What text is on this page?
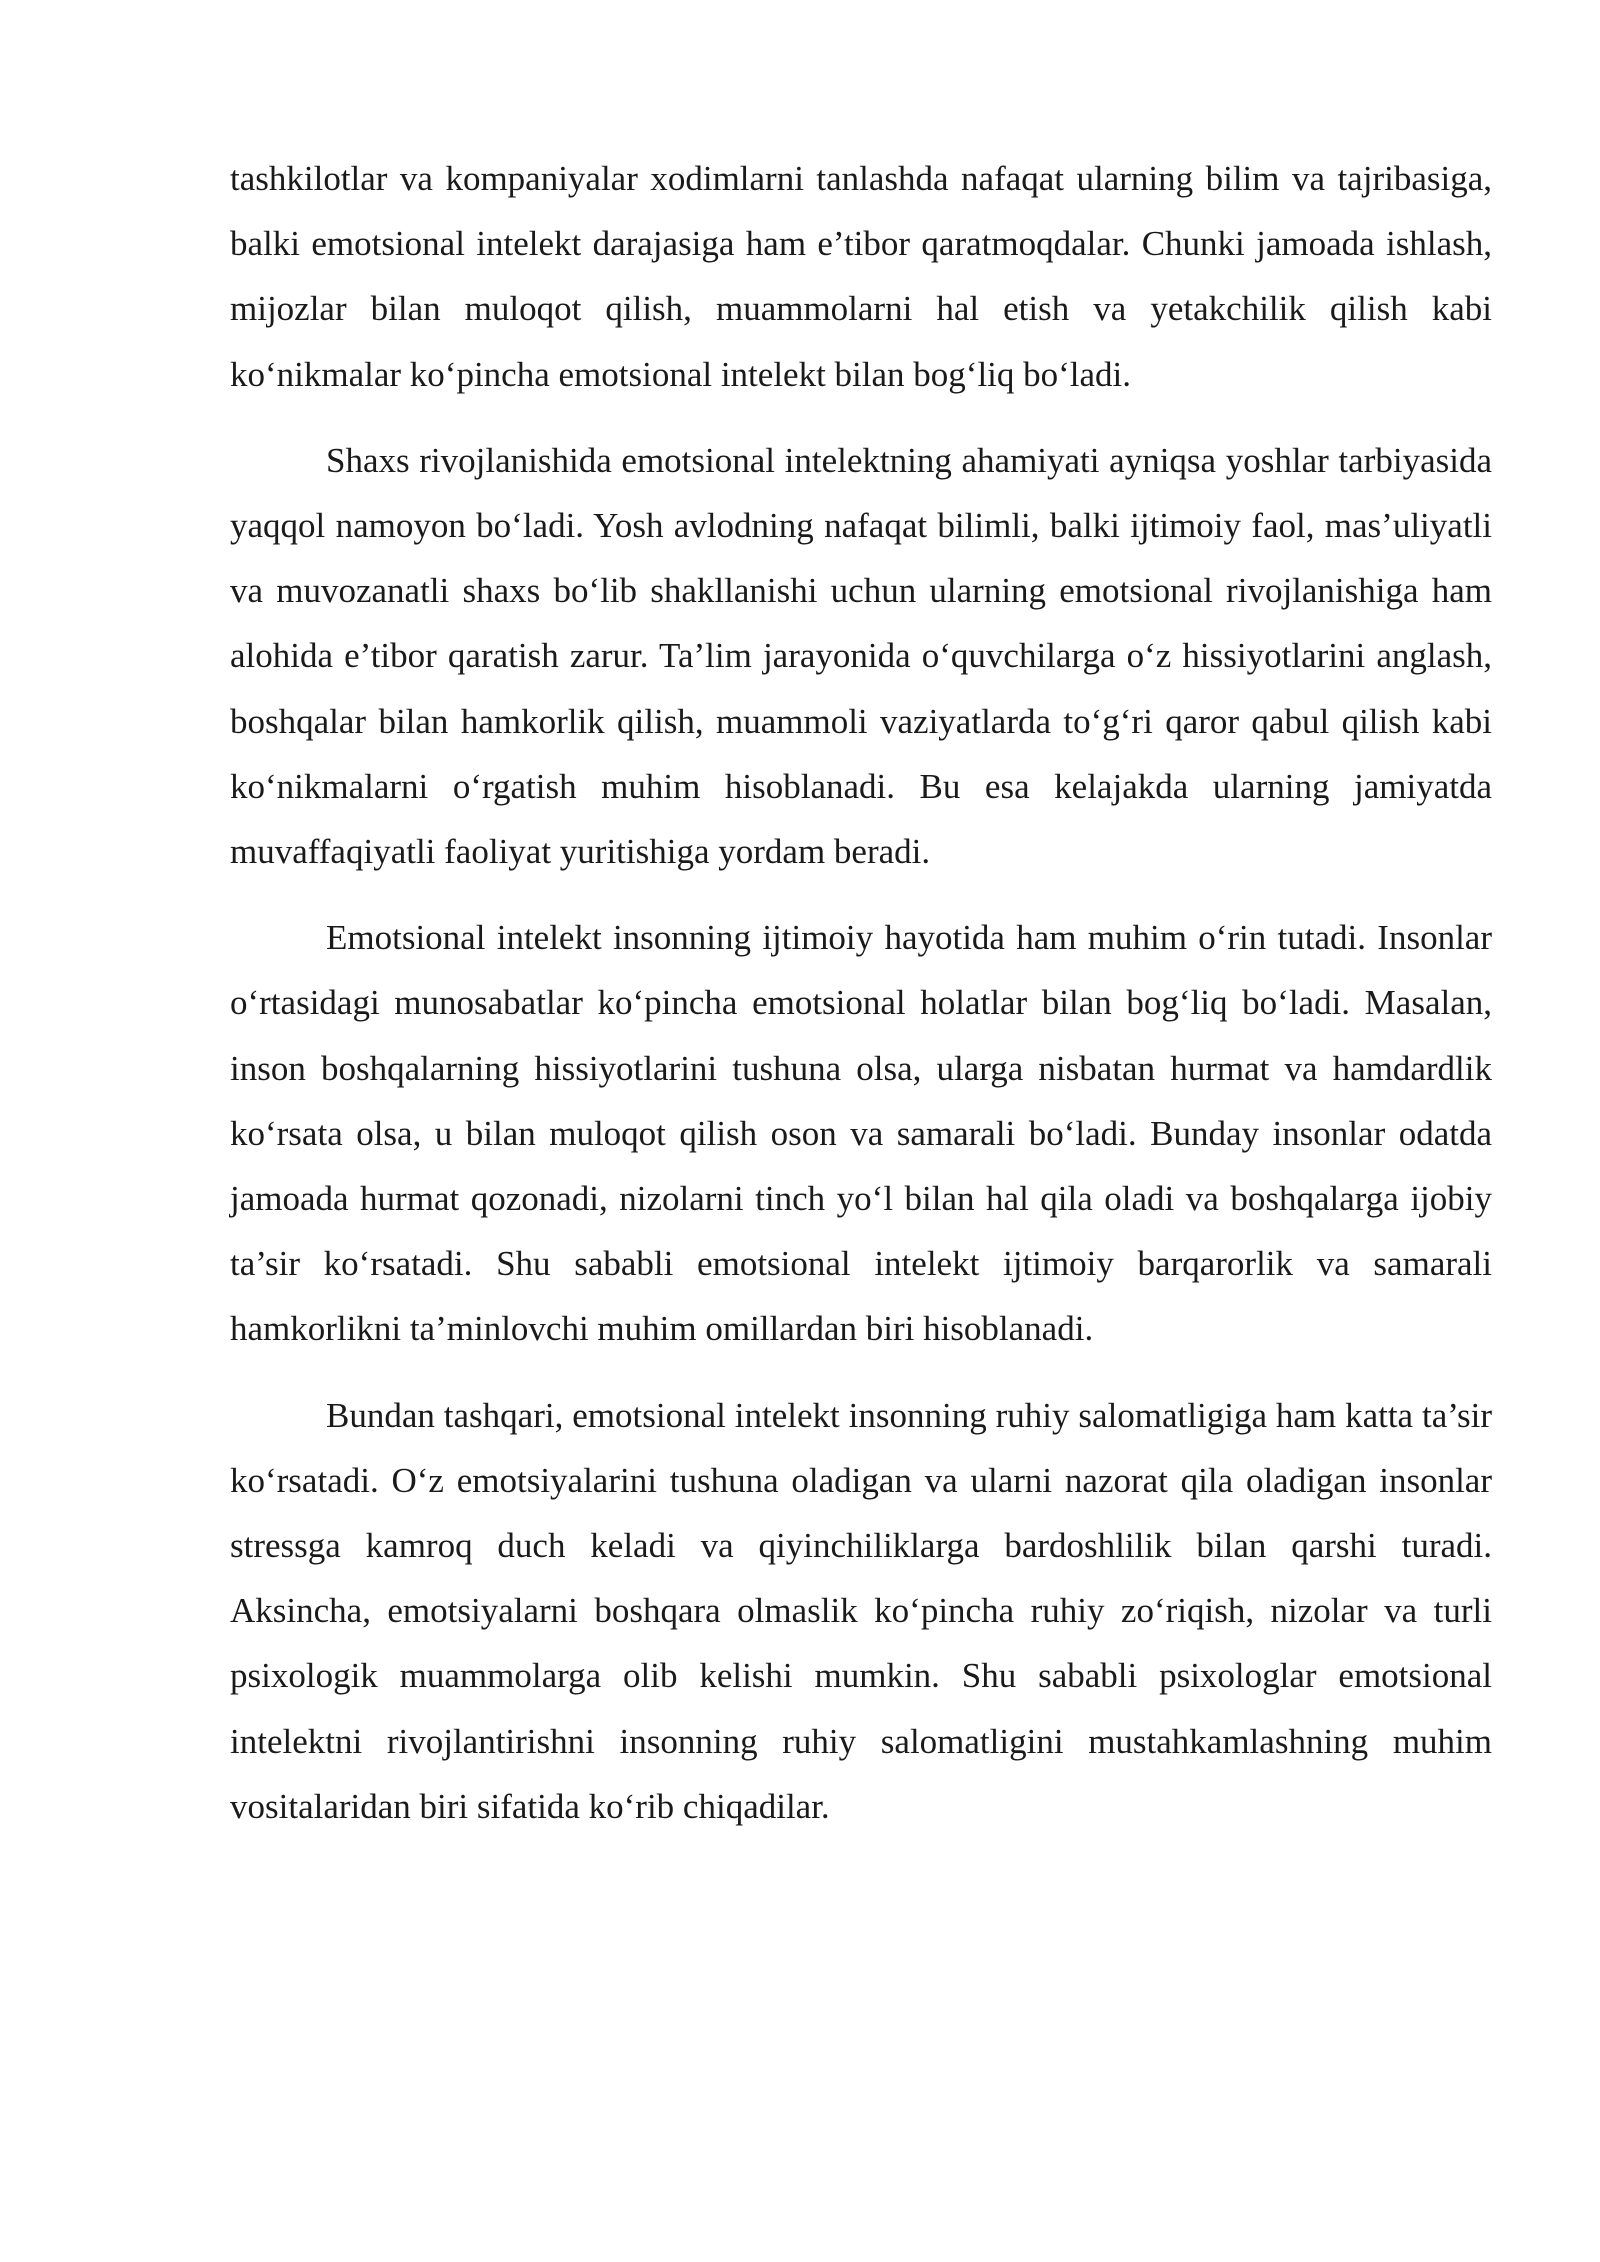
tashkilotlar va kompaniyalar xodimlarni tanlashda nafaqat ularning bilim va tajribasiga, balki emotsional intelekt darajasiga ham e’tibor qaratmoqdalar. Chunki jamoada ishlash, mijozlar bilan muloqot qilish, muammolarni hal etish va yetakchilik qilish kabi ko‘nikmalar ko‘pincha emotsional intelekt bilan bog‘liq bo‘ladi.

Shaxs rivojlanishida emotsional intelektning ahamiyati ayniqsa yoshlar tarbiyasida yaqqol namoyon bo‘ladi. Yosh avlodning nafaqat bilimli, balki ijtimoiy faol, mas’uliyatli va muvozanatli shaxs bo‘lib shakllanishi uchun ularning emotsional rivojlanishiga ham alohida e’tibor qaratish zarur. Ta’lim jarayonida o‘quvchilarga o‘z hissiyotlarini anglash, boshqalar bilan hamkorlik qilish, muammoli vaziyatlarda to‘g‘ri qaror qabul qilish kabi ko‘nikmalarni o‘rgatish muhim hisoblanadi. Bu esa kelajakda ularning jamiyatda muvaffaqiyatli faoliyat yuritishiga yordam beradi.

Emotsional intelekt insonning ijtimoiy hayotida ham muhim o‘rin tutadi. Insonlar o‘rtasidagi munosabatlar ko‘pincha emotsional holatlar bilan bog‘liq bo‘ladi. Masalan, inson boshqalarning hissiyotlarini tushuna olsa, ularga nisbatan hurmat va hamdardlik ko‘rsata olsa, u bilan muloqot qilish oson va samarali bo‘ladi. Bunday insonlar odatda jamoada hurmat qozonadi, nizolarni tinch yo‘l bilan hal qila oladi va boshqalarga ijobiy ta’sir ko‘rsatadi. Shu sababli emotsional intelekt ijtimoiy barqarorlik va samarali hamkorlikni ta’minlovchi muhim omillardan biri hisoblanadi.

Bundan tashqari, emotsional intelekt insonning ruhiy salomatligiga ham katta ta’sir ko‘rsatadi. O‘z emotsiyalarini tushuna oladigan va ularni nazorat qila oladigan insonlar stressga kamroq duch keladi va qiyinchiliklarga bardoshlilik bilan qarshi turadi. Aksincha, emotsiyalarni boshqara olmaslik ko‘pincha ruhiy zo‘riqish, nizolar va turli psixologik muammolarga olib kelishi mumkin. Shu sababli psixologlar emotsional intelektni rivojlantirishni insonning ruhiy salomatligini mustahkamlashning muhim vositalaridan biri sifatida ko‘rib chiqadilar.
